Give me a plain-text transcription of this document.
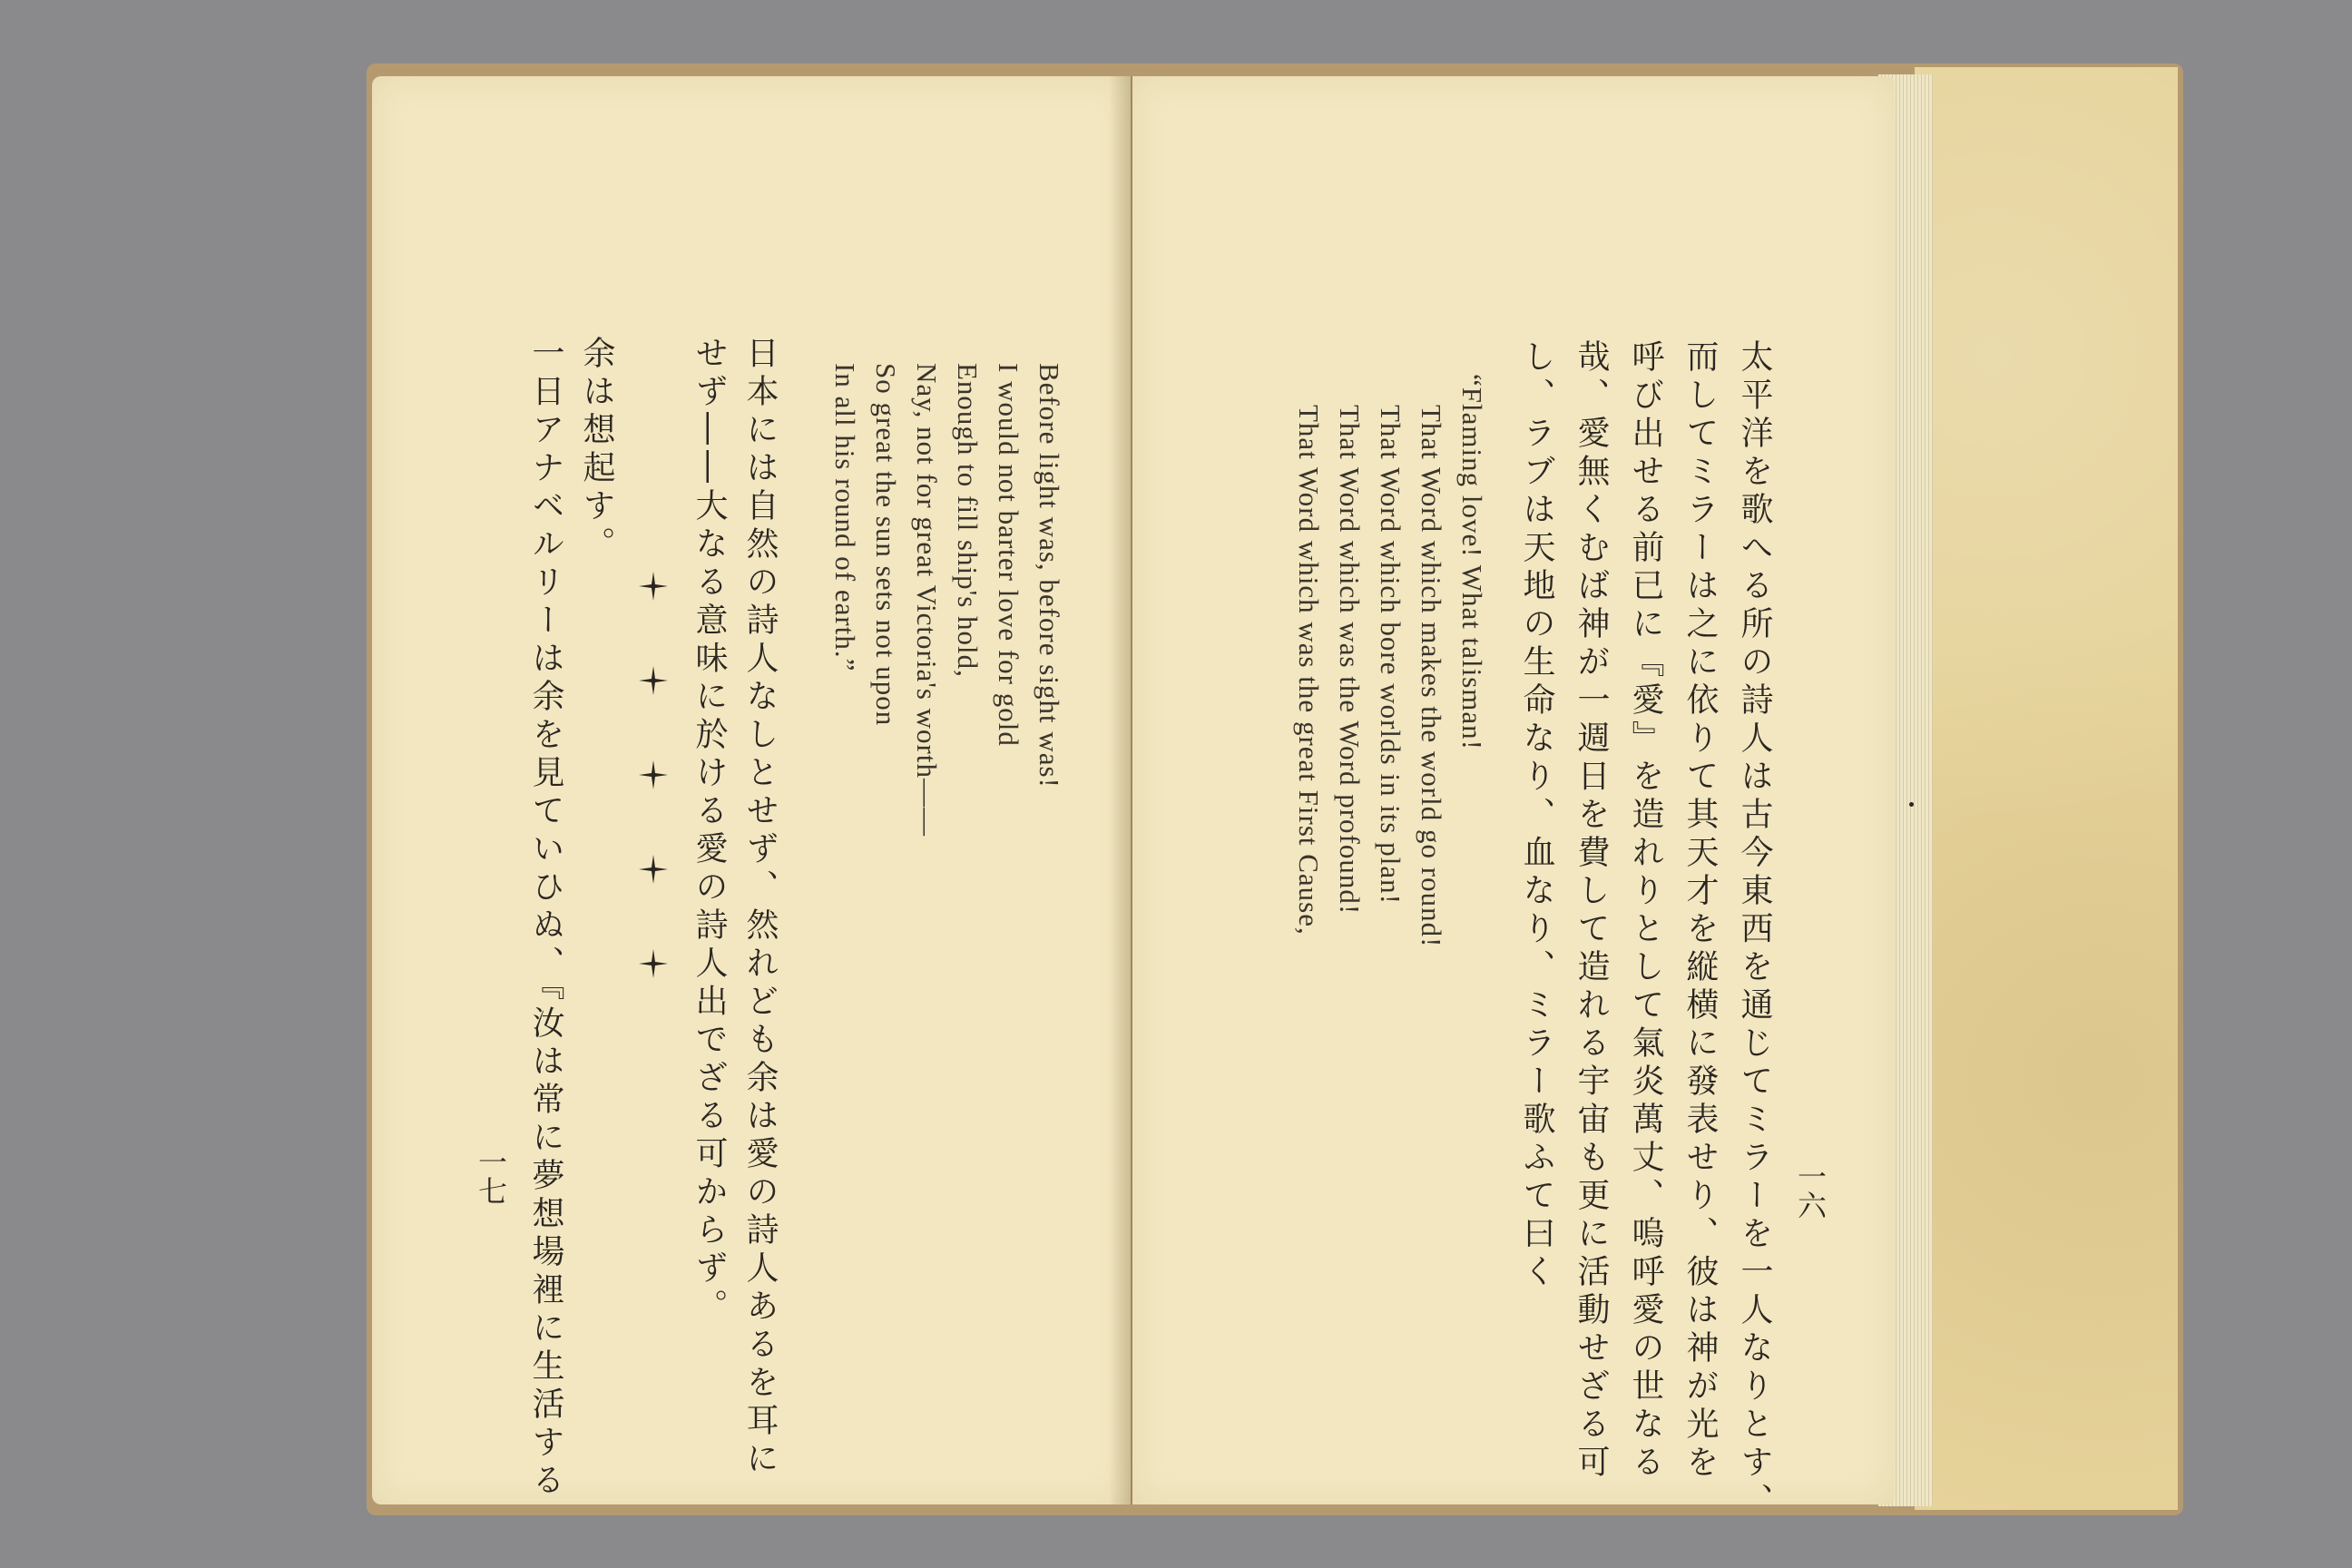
Before light was, before sight was!
I would not barter love for gold
Enough to fill ship's hold,
Nay, not for great Victoria's worth——
So great the sun sets not upon
In all his round of earth.”
日本には自然の詩人なしとせず、然れども余は愛の詩人あるを耳に
せず――大なる意味に於ける愛の詩人出でざる可からず。
余は想起す。
一日アナベルリーは余を見ていひぬ、『汝は常に夢想場裡に生活する
一七	一六
太平洋を歌へる所の詩人は古今東西を通じてミラーを一人なりとす、
而してミラーは之に依りて其天才を縦横に發表せり、彼は神が光を
呼び出せる前已に『愛』を造れりとして氣炎萬丈、嗚呼愛の世なる
哉、愛無くむば神が一週日を費して造れる宇宙も更に活動せざる可
し、ラブは天地の生命なり、血なり、ミラー歌ふて曰く
“Flaming love! What talisman!
That Word which makes the world go round!
That Word which bore worlds in its plan!
That Word which was the Word profound!
That Word which was the great First Cause,
